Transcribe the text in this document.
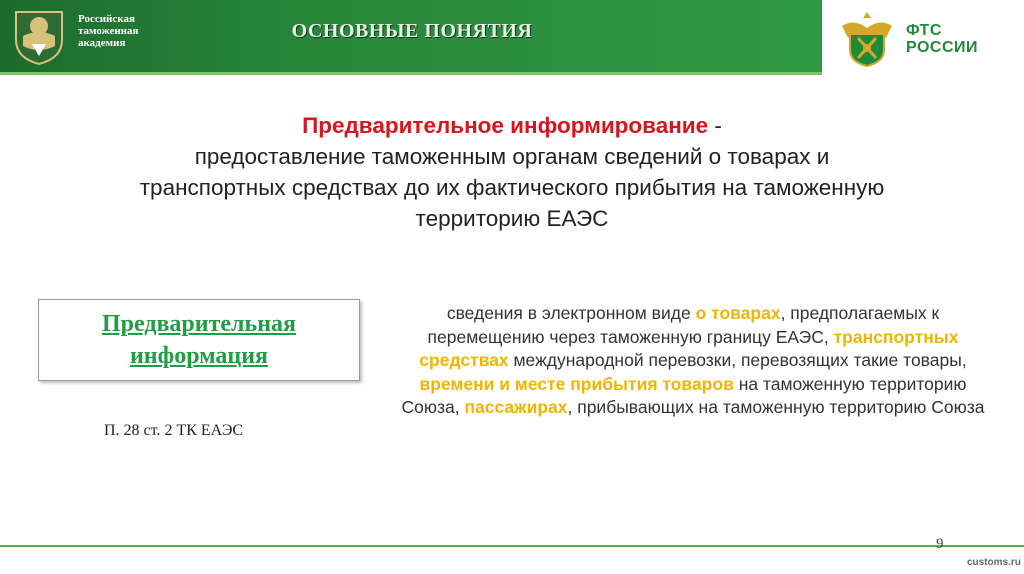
Российская
таможенная
академия
ОСНОВНЫЕ ПОНЯТИЯ	ФТС
РОССИИ
Предварительное информирование -
предоставление таможенным органам сведений о товарах и транспортных средствах до их фактического прибытия на таможенную территорию ЕАЭС
Предварительная
информация
П. 28 ст. 2 ТК ЕАЭС
сведения в электронном виде о товарах, предполагаемых к перемещению через таможенную границу ЕАЭС, транспортных средствах международной перевозки, перевозящих такие товары, времени и месте прибытия товаров на таможенную территорию Союза, пассажирах, прибывающих на таможенную территорию Союза
9
customs.ru
